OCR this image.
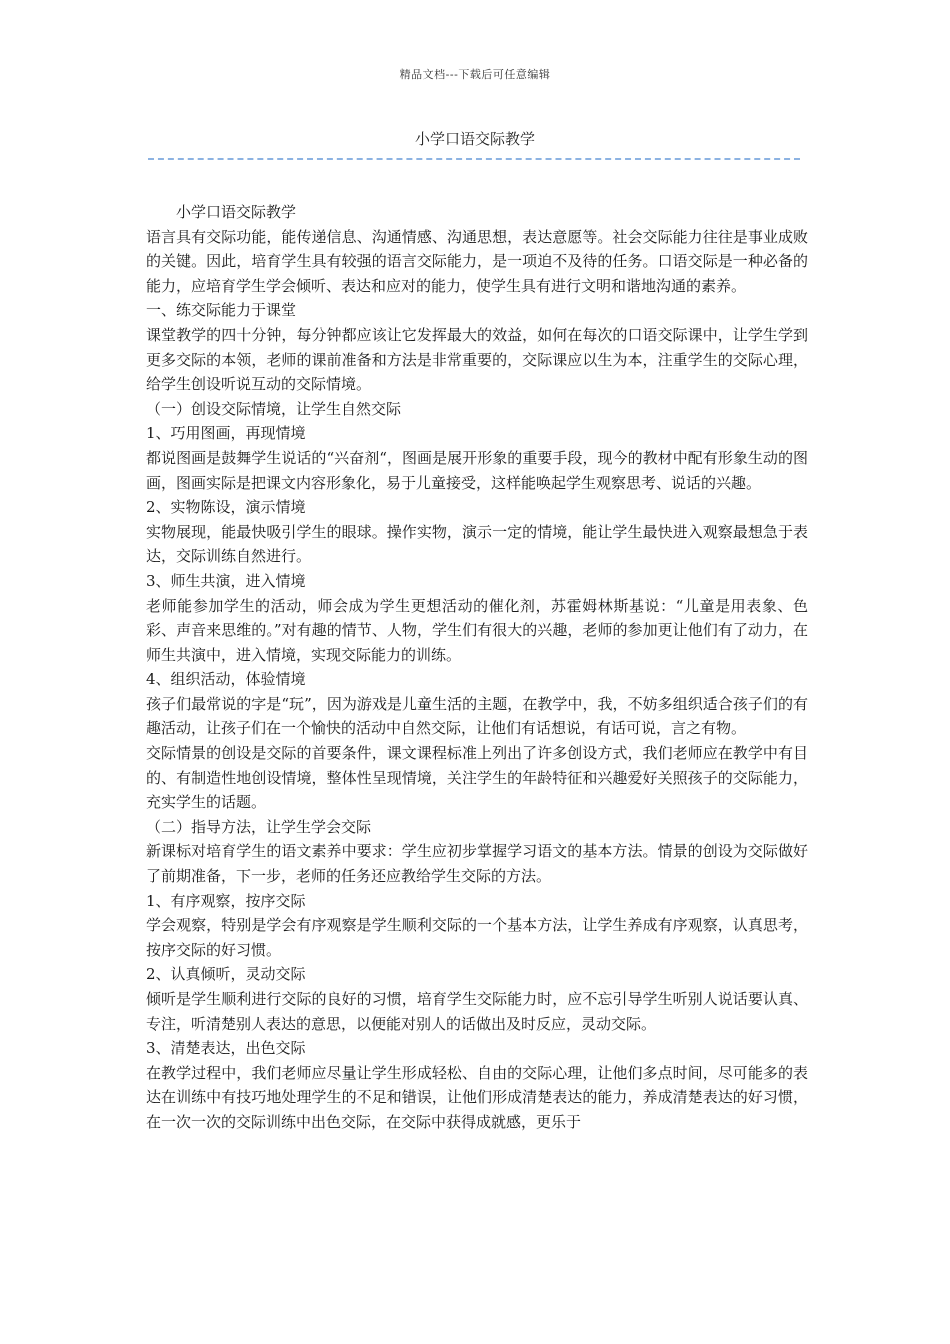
精品文档---下载后可任意编辑
小学口语交际教学

小学口语交际教学

语言具有交际功能，能传递信息、沟通情感、沟通思想，表达意愿等。社会交际能力往往是事业成败的关键。因此，培育学生具有较强的语言交际能力，是一项迫不及待的任务。口语交际是一种必备的能力，应培育学生学会倾听、表达和应对的能力，使学生具有进行文明和谐地沟通的素养。

一、练交际能力于课堂

课堂教学的四十分钟，每分钟都应该让它发挥最大的效益，如何在每次的口语交际课中，让学生学到更多交际的本领，老师的课前准备和方法是非常重要的，交际课应以生为本，注重学生的交际心理，给学生创设听说互动的交际情境。

（一）创设交际情境，让学生自然交际

1、巧用图画，再现情境

都说图画是鼓舞学生说话的“兴奋剂“，图画是展开形象的重要手段，现今的教材中配有形象生动的图画，图画实际是把课文内容形象化，易于儿童接受，这样能唤起学生观察思考、说话的兴趣。

2、实物陈设，演示情境

实物展现，能最快吸引学生的眼球。操作实物，演示一定的情境，能让学生最快进入观察最想急于表达，交际训练自然进行。

3、师生共演，进入情境

老师能参加学生的活动，师会成为学生更想活动的催化剂，苏霍姆林斯基说：“儿童是用表象、色彩、声音来思维的。”对有趣的情节、人物，学生们有很大的兴趣，老师的参加更让他们有了动力，在师生共演中，进入情境，实现交际能力的训练。

4、组织活动，体验情境

孩子们最常说的字是“玩”，因为游戏是儿童生活的主题，在教学中，我，不妨多组织适合孩子们的有趣活动，让孩子们在一个愉快的活动中自然交际，让他们有话想说，有话可说，言之有物。

交际情景的创设是交际的首要条件，课文课程标准上列出了许多创设方式，我们老师应在教学中有目的、有制造性地创设情境，整体性呈现情境，关注学生的年龄特征和兴趣爱好关照孩子的交际能力，充实学生的话题。

（二）指导方法，让学生学会交际

新课标对培育学生的语文素养中要求：学生应初步掌握学习语文的基本方法。情景的创设为交际做好了前期准备，下一步，老师的任务还应教给学生交际的方法。

1、有序观察，按序交际

学会观察，特别是学会有序观察是学生顺利交际的一个基本方法，让学生养成有序观察，认真思考，按序交际的好习惯。

2、认真倾听，灵动交际

倾听是学生顺利进行交际的良好的习惯，培育学生交际能力时，应不忘引导学生听别人说话要认真、专注，听清楚别人表达的意思，以便能对别人的话做出及时反应，灵动交际。

3、清楚表达，出色交际

在教学过程中，我们老师应尽量让学生形成轻松、自由的交际心理，让他们多点时间，尽可能多的表达在训练中有技巧地处理学生的不足和错误，让他们形成清楚表达的能力，养成清楚表达的好习惯，在一次一次的交际训练中出色交际，在交际中获得成就感，更乐于
